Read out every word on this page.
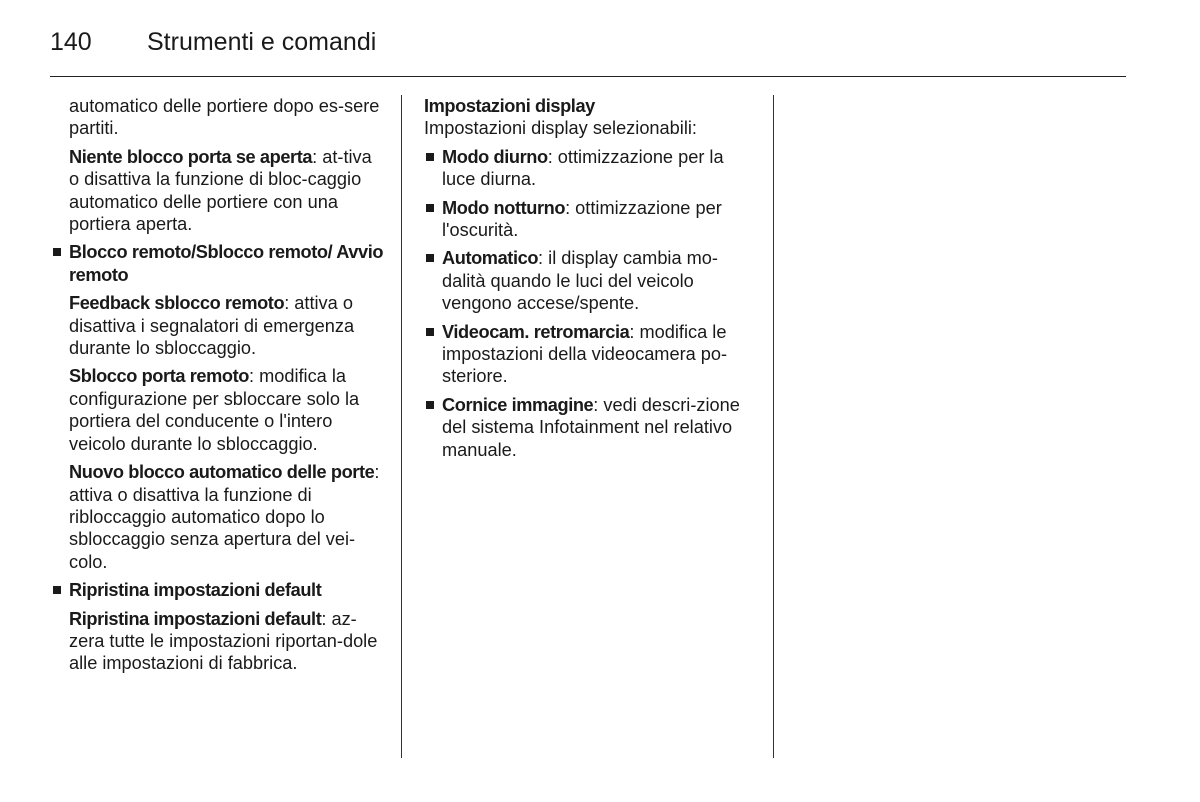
140 Strumenti e comandi

automatico delle portiere dopo es-sere partiti.

Niente blocco porta se aperta: at-tiva o disattiva la funzione di bloc-caggio automatico delle portiere con una portiera aperta.

Blocco remoto/Sblocco remoto/ Avvio remoto

Feedback sblocco remoto: attiva o disattiva i segnalatori di emergenza durante lo sbloccaggio.

Sblocco porta remoto: modifica la configurazione per sbloccare solo la portiera del conducente o l'intero veicolo durante lo sbloccaggio.

Nuovo blocco automatico delle porte: attiva o disattiva la funzione di ribloccaggio automatico dopo lo sbloccaggio senza apertura del vei-colo.

Ripristina impostazioni default

Ripristina impostazioni default: az-zera tutte le impostazioni riportan-dole alle impostazioni di fabbrica.

Impostazioni display

Impostazioni display selezionabili:

Modo diurno: ottimizzazione per la luce diurna.
Modo notturno: ottimizzazione per l'oscurità.
Automatico: il display cambia mo-dalità quando le luci del veicolo vengono accese/spente.
Videocam. retromarcia: modifica le impostazioni della videocamera po-steriore.
Cornice immagine: vedi descri-zione del sistema Infotainment nel relativo manuale.
